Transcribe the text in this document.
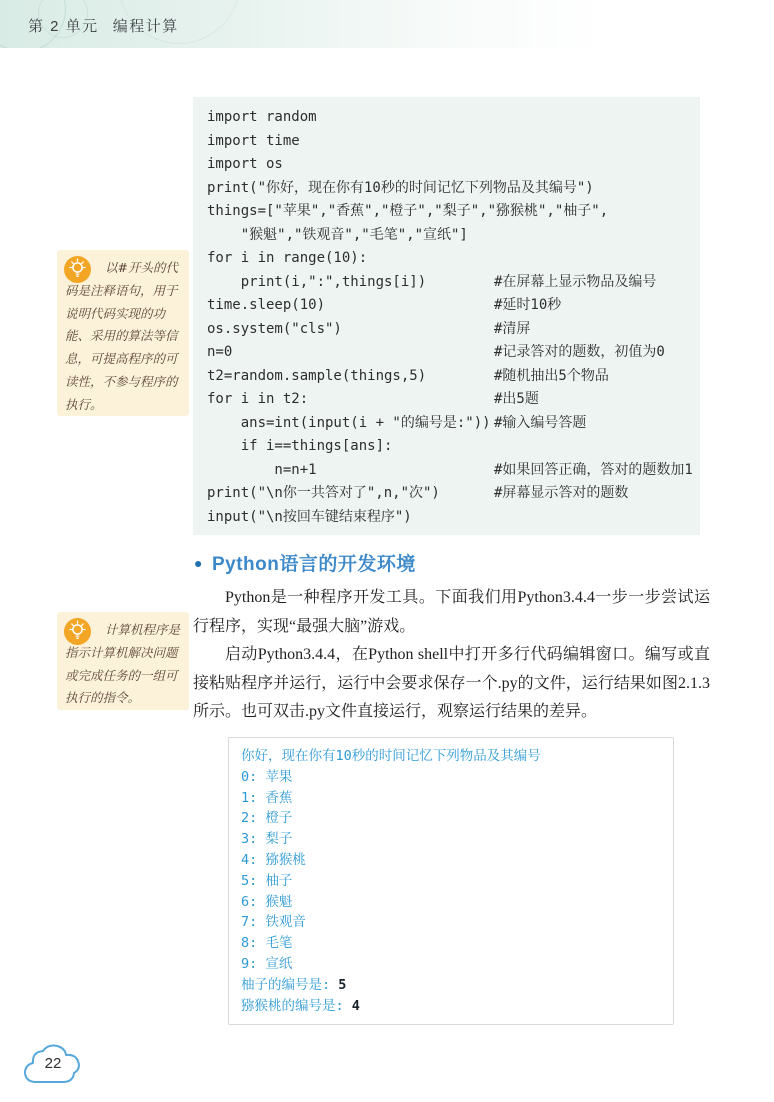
第 2 单元 编程计算
import random
import time
import os
print("你好，现在你有10秒的时间记忆下列物品及其编号")
things=["苹果","香蕉","橙子","梨子","猕猴桃","柚子",
"猴魁","铁观音","毛笔","宣纸"]
for i in range(10):
print(i,":",things[i])	#在屏幕上显示物品及编号
time.sleep(10)	#延时10秒
os.system("cls")	#清屏
n=0	#记录答对的题数，初值为0
t2=random.sample(things,5)	#随机抽出5个物品
for i in t2:	#出5题
ans=int(input(i + "的编号是:")) #输入编号答题
if i==things[ans]:
n=n+1	#如果回答正确，答对的题数加1
print("\n你一共答对了",n,"次")	#屏幕显示答对的题数
input("\n按回车键结束程序")

以#开头的代码是注释语句，用于说明代码实现的功能、采用的算法等信息，可提高程序的可读性，不参与程序的执行。

计算机程序是指示计算机解决问题或完成任务的一组可执行的指令。

● Python语言的开发环境

Python是一种程序开发工具。下面我们用Python3.4.4一步一步尝试运行程序，实现“最强大脑”游戏。

启动Python3.4.4，在Python shell中打开多行代码编辑窗口。编写或直接粘贴程序并运行，运行中会要求保存一个.py的文件，运行结果如图2.1.3所示。也可双击.py文件直接运行，观察运行结果的差异。

你好，现在你有10秒的时间记忆下列物品及其编号
0: 苹果
1: 香蕉
2: 橙子
3: 梨子
4: 猕猴桃
5: 柚子
6: 猴魁
7: 铁观音
8: 毛笔
9: 宣纸
柚子的编号是: 5
猕猴桃的编号是: 4
22
